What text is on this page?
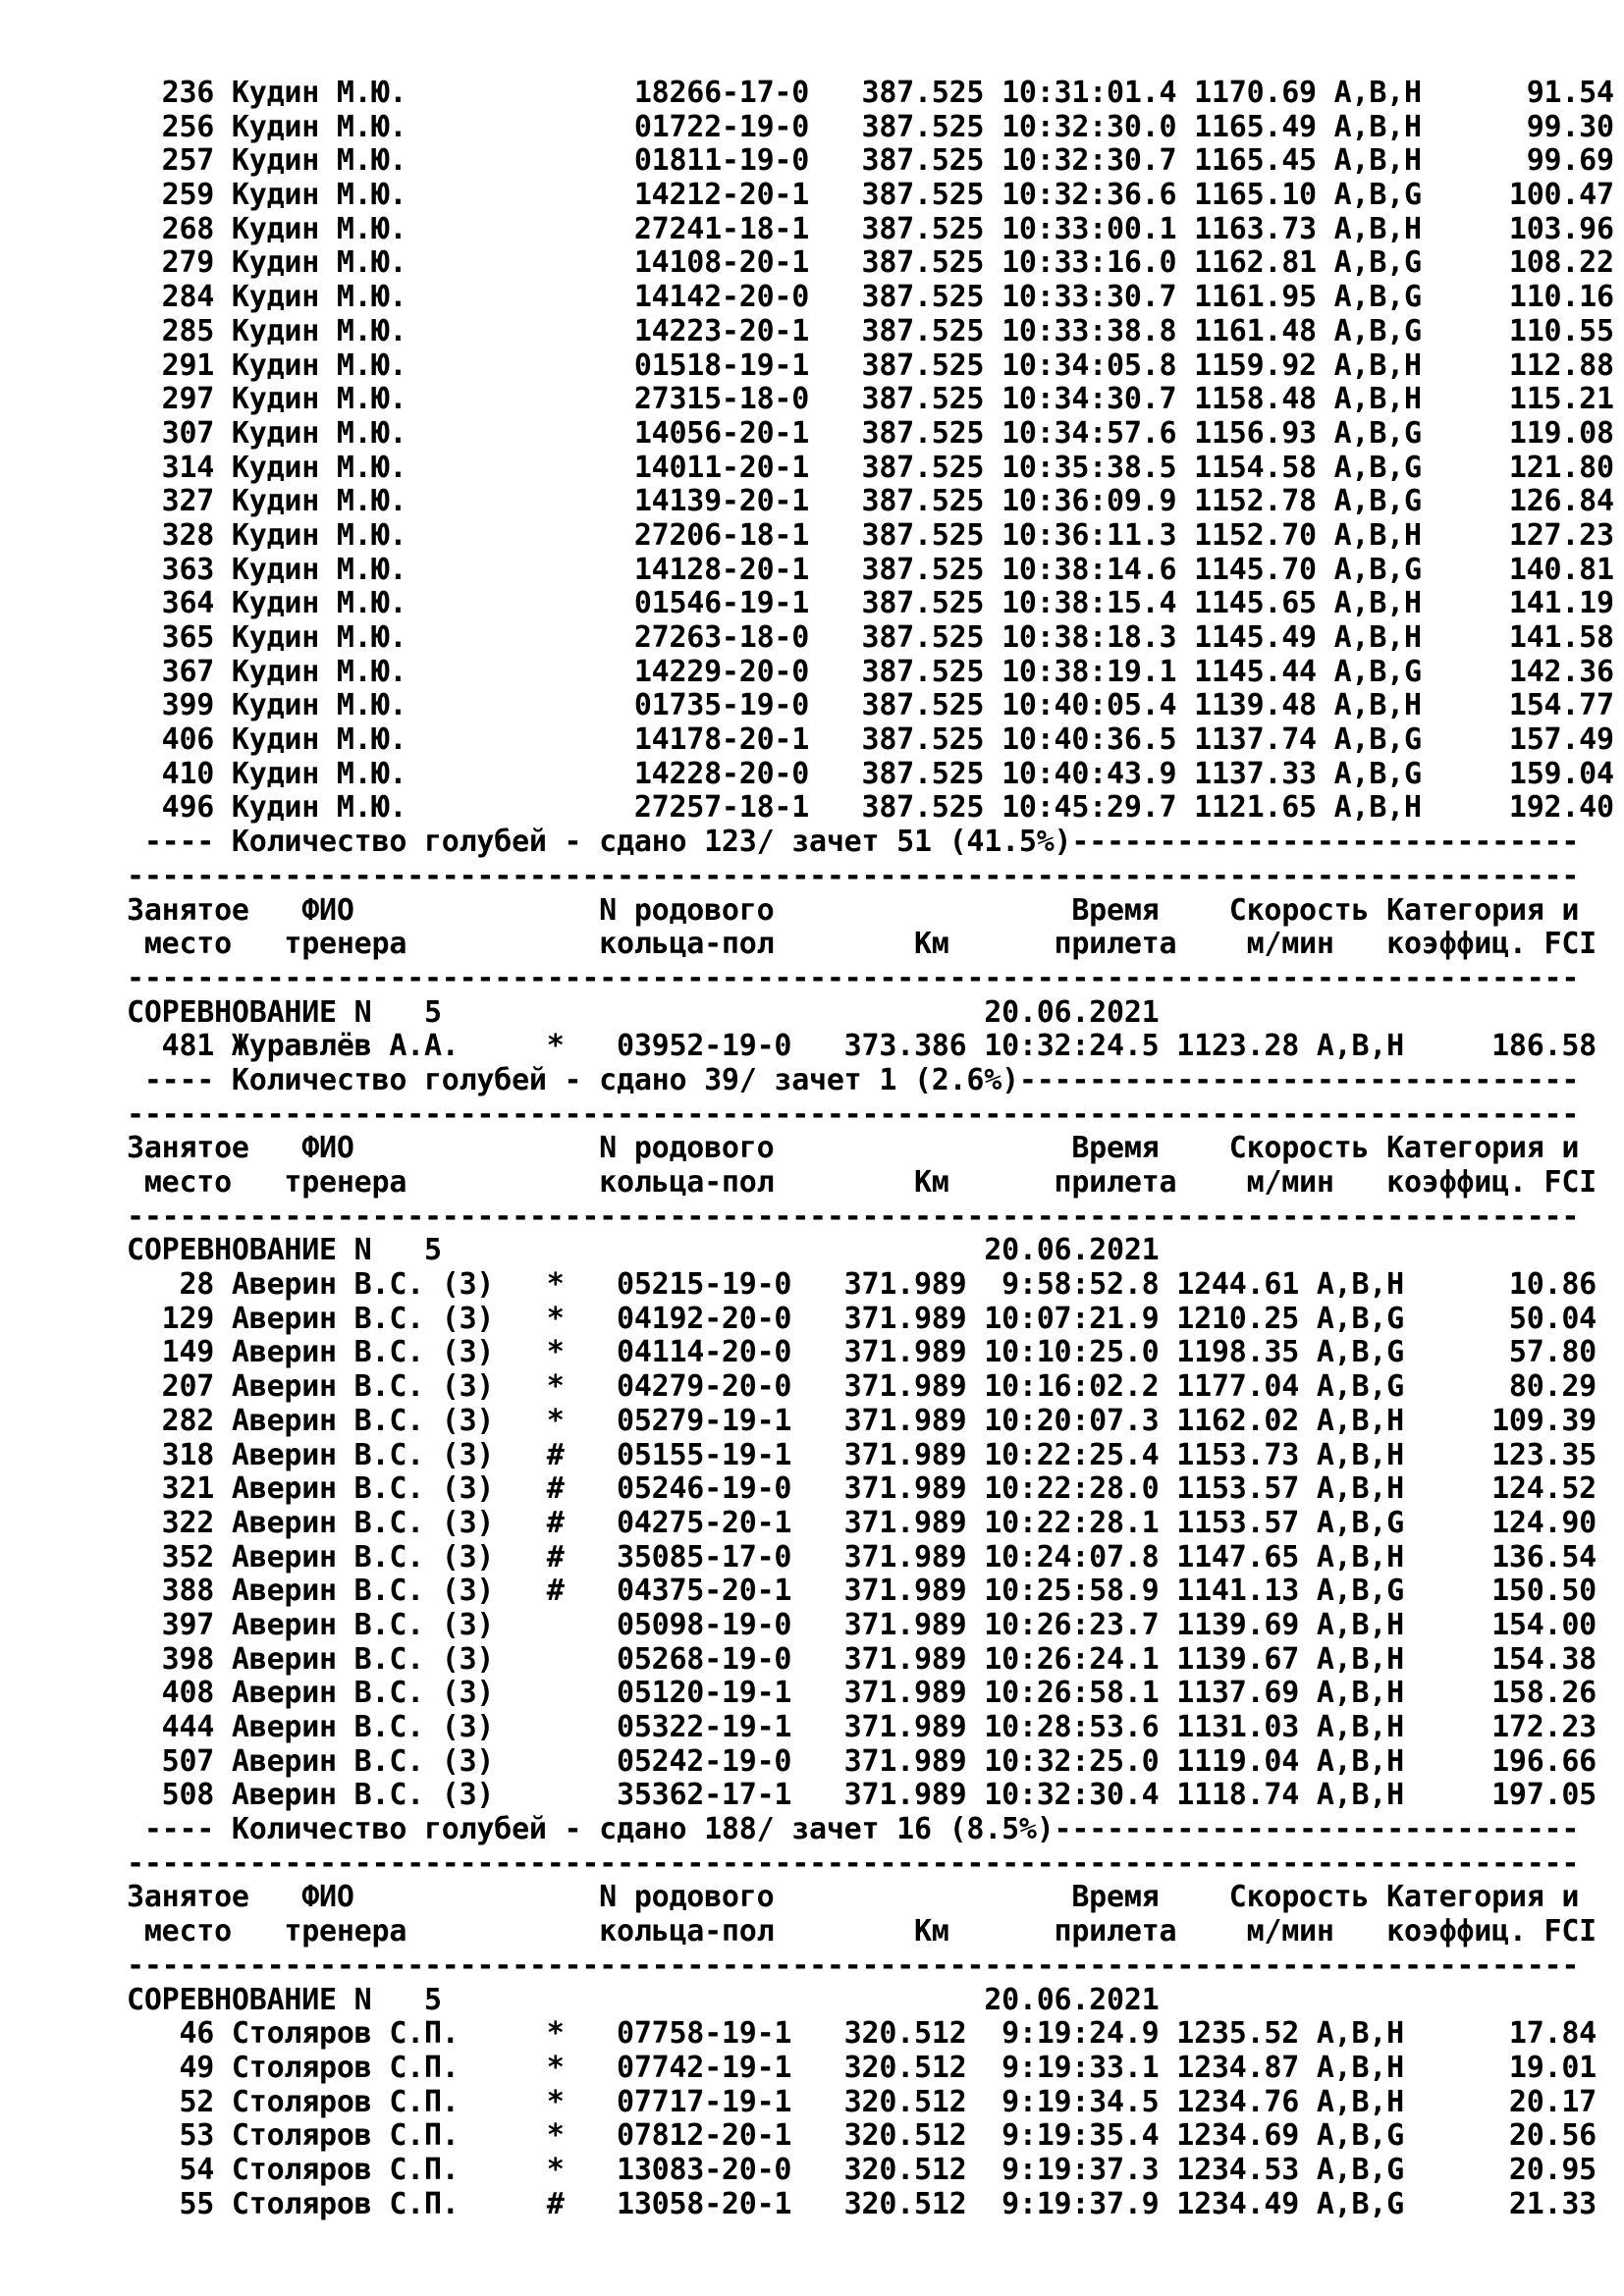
236 Кудин М.Ю.             18266-17-0   387.525 10:31:01.4 1170.69 A,B,H      91.54
256 Кудин М.Ю.             01722-19-0   387.525 10:32:30.0 1165.49 A,B,H      99.30
257 Кудин М.Ю.             01811-19-0   387.525 10:32:30.7 1165.45 A,B,H      99.69
259 Кудин М.Ю.             14212-20-1   387.525 10:32:36.6 1165.10 A,B,G     100.47
268 Кудин М.Ю.             27241-18-1   387.525 10:33:00.1 1163.73 A,B,H     103.96
279 Кудин М.Ю.             14108-20-1   387.525 10:33:16.0 1162.81 A,B,G     108.22
284 Кудин М.Ю.             14142-20-0   387.525 10:33:30.7 1161.95 A,B,G     110.16
285 Кудин М.Ю.             14223-20-1   387.525 10:33:38.8 1161.48 A,B,G     110.55
291 Кудин М.Ю.             01518-19-1   387.525 10:34:05.8 1159.92 A,B,H     112.88
297 Кудин М.Ю.             27315-18-0   387.525 10:34:30.7 1158.48 A,B,H     115.21
307 Кудин М.Ю.             14056-20-1   387.525 10:34:57.6 1156.93 A,B,G     119.08
314 Кудин М.Ю.             14011-20-1   387.525 10:35:38.5 1154.58 A,B,G     121.80
327 Кудин М.Ю.             14139-20-1   387.525 10:36:09.9 1152.78 A,B,G     126.84
328 Кудин М.Ю.             27206-18-1   387.525 10:36:11.3 1152.70 A,B,H     127.23
363 Кудин М.Ю.             14128-20-1   387.525 10:38:14.6 1145.70 A,B,G     140.81
364 Кудин М.Ю.             01546-19-1   387.525 10:38:15.4 1145.65 A,B,H     141.19
365 Кудин М.Ю.             27263-18-0   387.525 10:38:18.3 1145.49 A,B,H     141.58
367 Кудин М.Ю.             14229-20-0   387.525 10:38:19.1 1145.44 A,B,G     142.36
399 Кудин М.Ю.             01735-19-0   387.525 10:40:05.4 1139.48 A,B,H     154.77
406 Кудин М.Ю.             14178-20-1   387.525 10:40:36.5 1137.74 A,B,G     157.49
410 Кудин М.Ю.             14228-20-0   387.525 10:40:43.9 1137.33 A,B,G     159.04
496 Кудин М.Ю.             27257-18-1   387.525 10:45:29.7 1121.65 A,B,H     192.40
---- Количество голубей - сдано 123/ зачет 51 (41.5%)-----------------------------
-----------------------------------------------------------------------------------
Занятое   ФИО              N родового                 Время    Скорость Категория и
место   тренера           кольца-пол        Км      прилета    м/мин   коэффиц. FCI
-----------------------------------------------------------------------------------
СОРЕВНОВАНИЕ N   5                               20.06.2021
481 Журавлёв А.А.     *   03952-19-0   373.386 10:32:24.5 1123.28 A,B,H     186.58
---- Количество голубей - сдано 39/ зачет 1 (2.6%)--------------------------------
-----------------------------------------------------------------------------------
Занятое   ФИО              N родового                 Время    Скорость Категория и
место   тренера           кольца-пол        Км      прилета    м/мин   коэффиц. FCI
-----------------------------------------------------------------------------------
СОРЕВНОВАНИЕ N   5                               20.06.2021
28 Аверин В.С. (З)   *   05215-19-0   371.989  9:58:52.8 1244.61 A,B,H      10.86
129 Аверин В.С. (З)   *   04192-20-0   371.989 10:07:21.9 1210.25 A,B,G      50.04
149 Аверин В.С. (З)   *   04114-20-0   371.989 10:10:25.0 1198.35 A,B,G      57.80
207 Аверин В.С. (З)   *   04279-20-0   371.989 10:16:02.2 1177.04 A,B,G      80.29
282 Аверин В.С. (З)   *   05279-19-1   371.989 10:20:07.3 1162.02 A,B,H     109.39
318 Аверин В.С. (З)   #   05155-19-1   371.989 10:22:25.4 1153.73 A,B,H     123.35
321 Аверин В.С. (З)   #   05246-19-0   371.989 10:22:28.0 1153.57 A,B,H     124.52
322 Аверин В.С. (З)   #   04275-20-1   371.989 10:22:28.1 1153.57 A,B,G     124.90
352 Аверин В.С. (З)   #   35085-17-0   371.989 10:24:07.8 1147.65 A,B,H     136.54
388 Аверин В.С. (З)   #   04375-20-1   371.989 10:25:58.9 1141.13 A,B,G     150.50
397 Аверин В.С. (З)       05098-19-0   371.989 10:26:23.7 1139.69 A,B,H     154.00
398 Аверин В.С. (З)       05268-19-0   371.989 10:26:24.1 1139.67 A,B,H     154.38
408 Аверин В.С. (З)       05120-19-1   371.989 10:26:58.1 1137.69 A,B,H     158.26
444 Аверин В.С. (З)       05322-19-1   371.989 10:28:53.6 1131.03 A,B,H     172.23
507 Аверин В.С. (З)       05242-19-0   371.989 10:32:25.0 1119.04 A,B,H     196.66
508 Аверин В.С. (З)       35362-17-1   371.989 10:32:30.4 1118.74 A,B,H     197.05
---- Количество голубей - сдано 188/ зачет 16 (8.5%)------------------------------
-----------------------------------------------------------------------------------
Занятое   ФИО              N родового                 Время    Скорость Категория и
место   тренера           кольца-пол        Км      прилета    м/мин   коэффиц. FCI
-----------------------------------------------------------------------------------
СОРЕВНОВАНИЕ N   5                               20.06.2021
46 Столяров С.П.     *   07758-19-1   320.512  9:19:24.9 1235.52 A,B,H      17.84
49 Столяров С.П.     *   07742-19-1   320.512  9:19:33.1 1234.87 A,B,H      19.01
52 Столяров С.П.     *   07717-19-1   320.512  9:19:34.5 1234.76 A,B,H      20.17
53 Столяров С.П.     *   07812-20-1   320.512  9:19:35.4 1234.69 A,B,G      20.56
54 Столяров С.П.     *   13083-20-0   320.512  9:19:37.3 1234.53 A,B,G      20.95
55 Столяров С.П.     #   13058-20-1   320.512  9:19:37.9 1234.49 A,B,G      21.33
